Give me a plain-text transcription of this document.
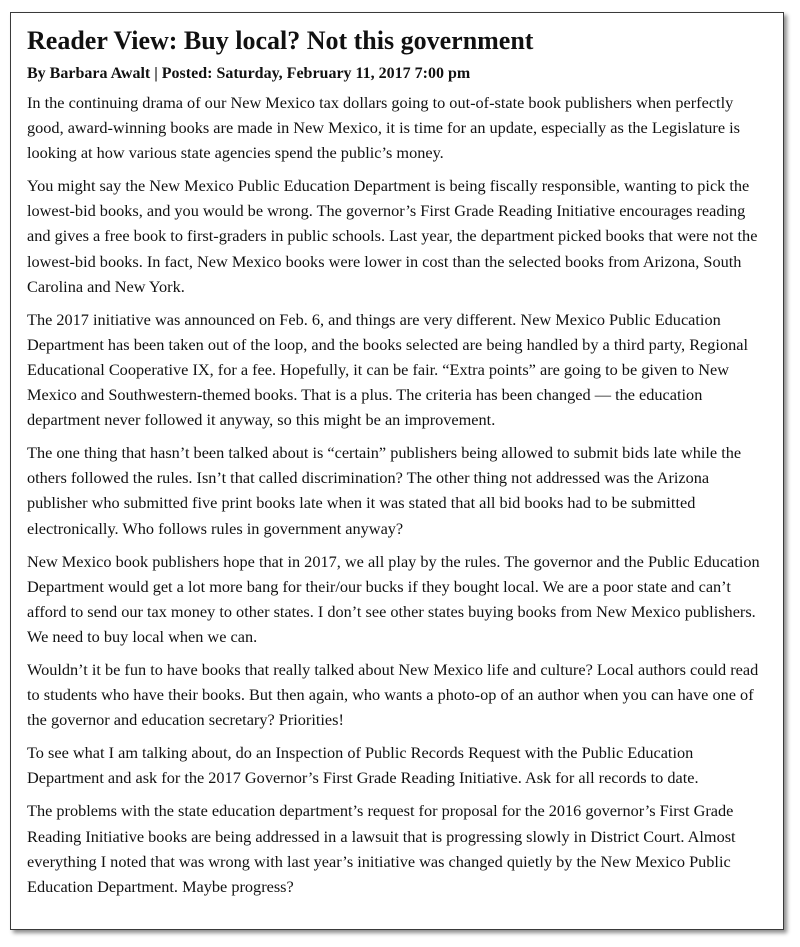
Reader View: Buy local? Not this government
By Barbara Awalt | Posted: Saturday, February 11, 2017 7:00 pm

In the continuing drama of our New Mexico tax dollars going to out-of-state book publishers when perfectly good, award-winning books are made in New Mexico, it is time for an update, especially as the Legislature is looking at how various state agencies spend the public’s money.

You might say the New Mexico Public Education Department is being fiscally responsible, wanting to pick the lowest-bid books, and you would be wrong. The governor’s First Grade Reading Initiative encourages reading and gives a free book to first-graders in public schools. Last year, the department picked books that were not the lowest-bid books. In fact, New Mexico books were lower in cost than the selected books from Arizona, South Carolina and New York.

The 2017 initiative was announced on Feb. 6, and things are very different. New Mexico Public Education Department has been taken out of the loop, and the books selected are being handled by a third party, Regional Educational Cooperative IX, for a fee. Hopefully, it can be fair. “Extra points” are going to be given to New Mexico and Southwestern-themed books. That is a plus. The criteria has been changed — the education department never followed it anyway, so this might be an improvement.

The one thing that hasn’t been talked about is “certain” publishers being allowed to submit bids late while the others followed the rules. Isn’t that called discrimination? The other thing not addressed was the Arizona publisher who submitted five print books late when it was stated that all bid books had to be submitted electronically. Who follows rules in government anyway?

New Mexico book publishers hope that in 2017, we all play by the rules. The governor and the Public Education Department would get a lot more bang for their/our bucks if they bought local. We are a poor state and can’t afford to send our tax money to other states. I don’t see other states buying books from New Mexico publishers. We need to buy local when we can.

Wouldn’t it be fun to have books that really talked about New Mexico life and culture? Local authors could read to students who have their books. But then again, who wants a photo-op of an author when you can have one of the governor and education secretary? Priorities!

To see what I am talking about, do an Inspection of Public Records Request with the Public Education Department and ask for the 2017 Governor’s First Grade Reading Initiative. Ask for all records to date.

The problems with the state education department’s request for proposal for the 2016 governor’s First Grade Reading Initiative books are being addressed in a lawsuit that is progressing slowly in District Court. Almost everything I noted that was wrong with last year’s initiative was changed quietly by the New Mexico Public Education Department. Maybe progress?
